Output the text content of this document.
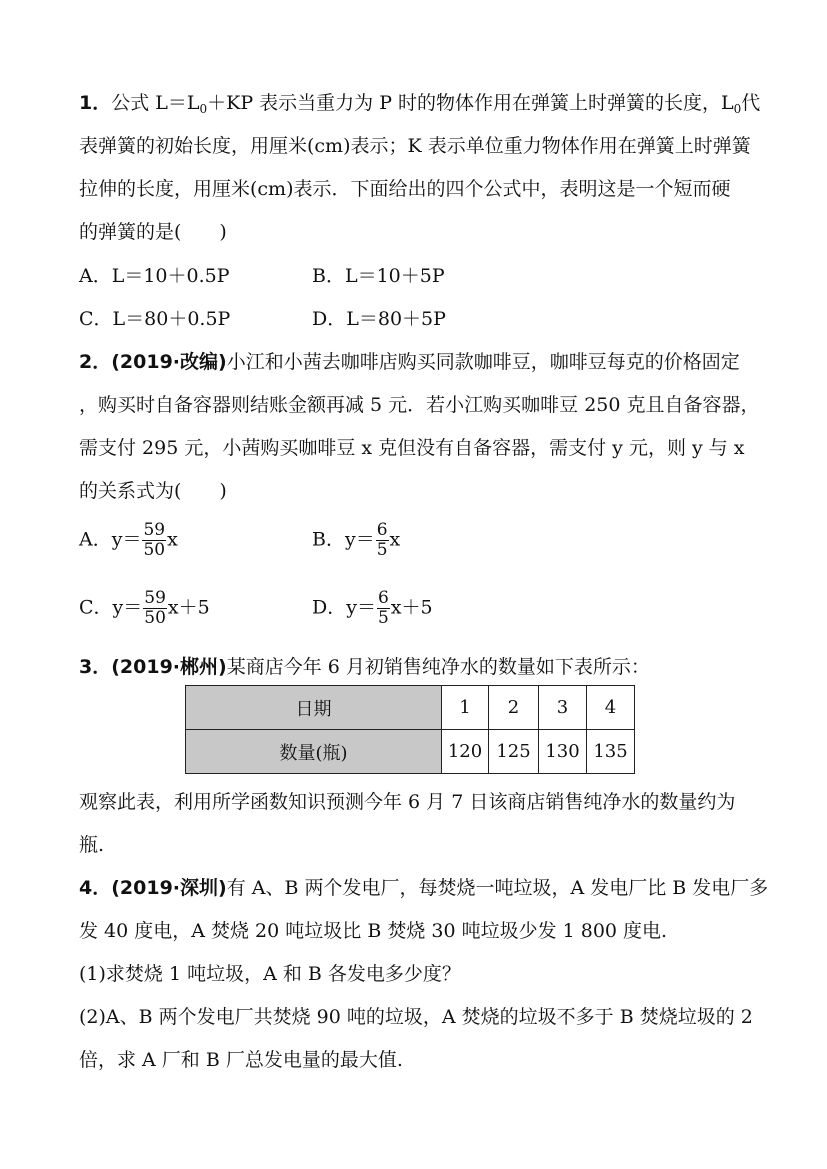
1．公式 $L=L_0+KP$ 表示当重力为 P 时的物体作用在弹簧上时弹簧的长度，$L_0$代
表弹簧的初始长度，用厘米(cm)表示；K 表示单位重力物体作用在弹簧上时弹簧
拉伸的长度，用厘米(cm)表示．下面给出的四个公式中，表明这是一个短而硬
的弹簧的是(　　)
A．L＝10＋0.5P	B．L＝10＋5P
C．L＝80＋0.5P	D．L＝80＋5P
2．(2019·改编)小江和小茜去咖啡店购买同款咖啡豆，咖啡豆每克的价格固定
，购买时自备容器则结账金额再减 5 元．若小江购买咖啡豆 250 克且自备容器，
需支付 295 元，小茜购买咖啡豆 x 克但没有自备容器，需支付 y 元，则 y 与 x
的关系式为(　　)
A．$y= \frac{59}{50}$ x	B．$y= \frac{6}{5}$ x
C．$y= \frac{59}{50} x+5$	D．$y= \frac{6}{5} x+5$
3．(2019·郴州)某商店今年 6 月初销售纯净水的数量如下表所示：
日期	1	2	3	4
数量(瓶)	120	125	130	135
观察此表，利用所学函数知识预测今年 6 月 7 日该商店销售纯净水的数量约为
瓶.
4．(2019·深圳)有 A、B 两个发电厂，每焚烧一吨垃圾，A 发电厂比 B 发电厂多
发 40 度电，A 焚烧 20 吨垃圾比 B 焚烧 30 吨垃圾少发 1 800 度电.
(1)求焚烧 1 吨垃圾，A 和 B 各发电多少度？
(2)A、B 两个发电厂共焚烧 90 吨的垃圾，A 焚烧的垃圾不多于 B 焚烧垃圾的 2
倍，求 A 厂和 B 厂总发电量的最大值.
